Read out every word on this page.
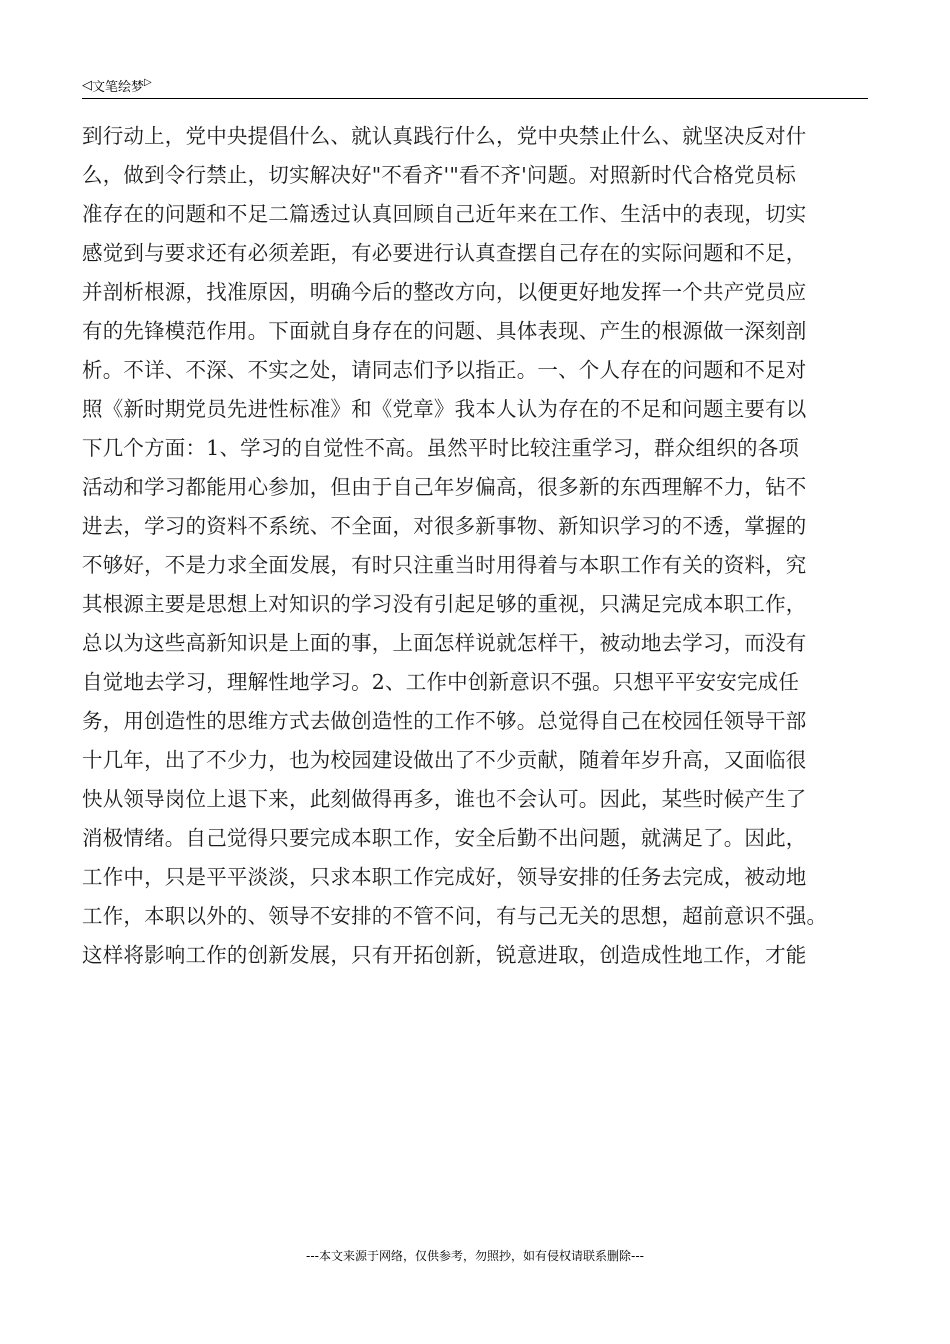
◁ 文笔绘梦 ▷
到行动上，党中央提倡什么、就认真践行什么，党中央禁止什么、就坚决反对什
么，做到令行禁止，切实解决好"不看齐'"看不齐'问题。对照新时代合格党员标
准存在的问题和不足二篇透过认真回顾自己近年来在工作、生活中的表现，切实
感觉到与要求还有必须差距，有必要进行认真查摆自己存在的实际问题和不足，
并剖析根源，找准原因，明确今后的整改方向，以便更好地发挥一个共产党员应
有的先锋模范作用。下面就自身存在的问题、具体表现、产生的根源做一深刻剖
析。不详、不深、不实之处，请同志们予以指正。一、个人存在的问题和不足对
照《新时期党员先进性标准》和《党章》我本人认为存在的不足和问题主要有以
下几个方面：1、学习的自觉性不高。虽然平时比较注重学习，群众组织的各项
活动和学习都能用心参加，但由于自己年岁偏高，很多新的东西理解不力，钻不
进去，学习的资料不系统、不全面，对很多新事物、新知识学习的不透，掌握的
不够好，不是力求全面发展，有时只注重当时用得着与本职工作有关的资料，究
其根源主要是思想上对知识的学习没有引起足够的重视，只满足完成本职工作，
总以为这些高新知识是上面的事，上面怎样说就怎样干，被动地去学习，而没有
自觉地去学习，理解性地学习。2、工作中创新意识不强。只想平平安安完成任
务，用创造性的思维方式去做创造性的工作不够。总觉得自己在校园任领导干部
十几年，出了不少力，也为校园建设做出了不少贡献，随着年岁升高，又面临很
快从领导岗位上退下来，此刻做得再多，谁也不会认可。因此，某些时候产生了
消极情绪。自己觉得只要完成本职工作，安全后勤不出问题，就满足了。因此，
工作中，只是平平淡淡，只求本职工作完成好，领导安排的任务去完成，被动地
工作，本职以外的、领导不安排的不管不问，有与己无关的思想，超前意识不强。
这样将影响工作的创新发展，只有开拓创新，锐意进取，创造成性地工作，才能
---本文来源于网络，仅供参考，勿照抄，如有侵权请联系删除---
